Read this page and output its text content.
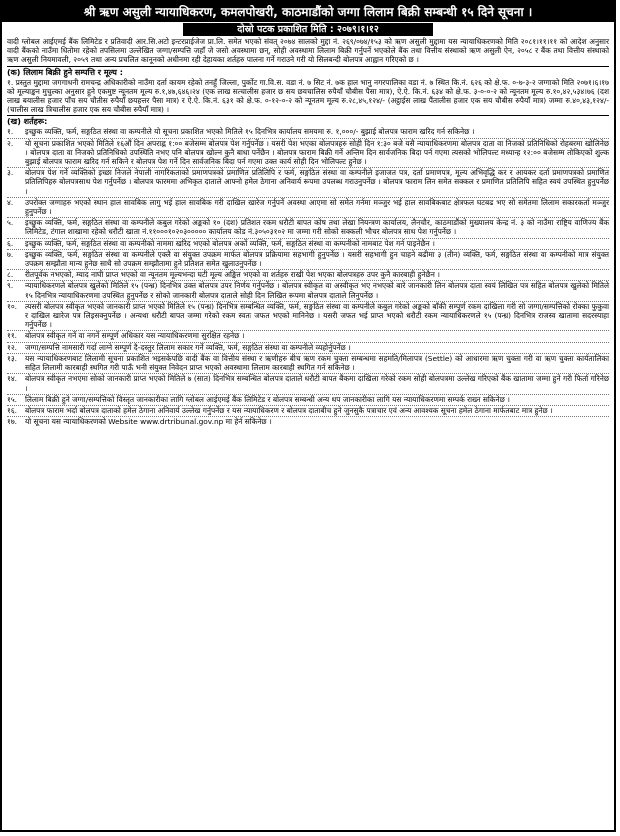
श्री ऋण असुली न्यायाधिकरण, कमलपोखरी, काठमाडौंको जग्गा लिलाम बिक्री सम्बन्धी १५ दिने सूचना ।
दोस्रो पटक प्रकाशित मिति : २०७९।१।१२

वादी ग्लोबल आईएमई बैंक लिमिटेड र प्रतिवादी आर.सि.अटो इन्टरप्राईजेज प्रा.लि. समेत भएको संवत् २०७४ सालको मुद्दा नं. २६९/०७४/१५३ को ऋण असुली मुद्दामा यस न्यायाधिकरणको मिति २०८१।११।११ को आदेश अनुसार वादी बैंकको नाउँमा धितोमा रहेको तपसिलमा उल्लेखित जग्गा/सम्पत्ति जहाँ जे जसो अवस्थामा छन्, सोही अवस्थामा लिलाम बिक्री गर्नुपर्ने भएकोले बैंक तथा वित्तीय संस्थाको ऋण असुली ऐन, २०५८ र बैंक तथा वित्तीय संस्थाको ऋण असुली नियमावली, २०५९ तथा अन्य प्रचलित कानूनको अधीनमा रही देहायका शर्तहरु पालना गर्ने गराउने गरी यो सिलबन्दी बोलपत्र आह्वान गरिएको छ ।

(क) लिलाम बिक्री हुने सम्पत्ति र मूल्य :

१. प्रस्तुत मुद्दामा जगगाधनी रामचन्द्र अधिकारीको नाउँमा दर्ता कायम रहेको तनहुँ जिल्ला, पुर्कोट गा.वि.स. वडा नं. ७ सिट नं. ७क हाल भानु नगरपालिका वडा नं. ७ स्थित कि.नं. ६२६ को क्षे.फ. ०-७-३-२ जग्गाको मिति २०७१।६।१७ को मूल्याङ्कन मुचुल्का अनुसार हुने एकमुष्ट न्यूनतम मूल्य रु.१,४७,६४६।२४ (एक लाख सत्चालीस हजार छ सय छयचालिस रुपैयाँ चौबीस पैसा मात्र), ऐ.ऐ. कि.नं. ६३४ को क्षे.फ. ३-०-०-२ को न्यूनतम मूल्य रु.१०,४२,५३४।७६ (दश लाख बयालीस हजार पाँच सय चौतीस रुपैयाँ छयहत्तर पैसा मात्र) र ऐ.ऐ. कि.नं. ६३१ को क्षे.फ. ०-१२-०-२ को न्यूनतम मूल्य रु.२८,४५,१२४/- (अट्ठाईस लाख पैंतालीस हजार एक सय चौबीस रुपैयाँ मात्र) जम्मा रु.४०,४३,१२४/- (चालीस लाख त्रिचालीस हजार एक सय चौबीस रुपैयाँ मात्र) ।

(ख) शर्तहरू:
१.	इच्छुक व्यक्ति, फर्म, सङ्गठित संस्था वा कम्पनीले यो सूचना प्रकाशित भएको मितिले १५ दिनभित्र कार्यालय समयमा रु. १,०००/- बुझाई बोलपत्र फाराम खरिद गर्न सकिनेछ ।
२.	यो सूचना प्रकाशित भएको मितिले १६औं दिन अपराह्न १:०० बजेसम्म बोलपत्र पेश गर्नुपर्नेछ । यसरी पेश भएका बोलपत्रहरु सोही दिन १:३० बजे यसै न्यायाधिकरणमा बोलपत्र दाता वा निजको प्रतिनिधिको रोहबरमा खोलिनेछ । बोलपत्र दाता वा निजको प्रतिनिधिको उपस्थिति नभए पनि बोलपत्र खोल्न कुनै बाधा पर्नेछैन । बोलपत्र फाराम बिक्री गर्ने अन्तिम दिन सार्वजनिक बिदा पर्न गएमा त्यसको भोलिपल्ट मध्यान्ह १२:०० बजेसम्म तोकिएको शुल्क बुझाई बोलपत्र फाराम खरिद गर्न सकिने र बोलपत्र पेश गर्ने दिन सार्वजनिक बिदा पर्न गएमा उक्त कार्य सोही दिन भोलिपल्ट हुनेछ ।
३.	बोलपत्र पेश गर्ने व्यक्तिको इच्छा निजले नेपाली नागरिकताको प्रमाणपत्रको प्रमाणित प्रतिलिपि र फर्म, सङ्गठित संस्था वा कम्पनीले इजाजत पत्र, दर्ता प्रमाणपत्र, मूल्य अभिवृद्धि कर र आयकर दर्ता प्रमाणपत्रको प्रमाणित प्रतिलिपिहरु बोलपत्रसाथ पेश गर्नुपर्नेछ । बोलपत्र फारममा अभिकृत दाताले आफ्नो हमेल ठेगाना अनिवार्य रूपमा उपलब्ध गराउनुपर्नेछ । बोलपत्र फाराम लिन समेत सक्कल र प्रमाणित प्रतिलिपि सहित स्वयं उपस्थित हुनुपर्नेछ ।
४.	उपरोक्त जग्गाहरु भएको स्थान हाल सावबिक लागु भई हाल सावबिक गरी दाखिल खारेज गर्नुपर्ने अवस्था आएमा सो समेत गर्नमा मञ्जुर भई हाल सावबिकबाट क्षेत्रफल घटबढ भए सो समेतमा लिलाम सकारकर्ता मञ्जुर हुनुपर्नेछ ।
५.	इच्छुक व्यक्ति, फर्म, सङ्गठित संस्था वा कम्पनीले कबुल गरेको अङ्कको १० (दश) प्रतिशत रकम धरौटी बापत कोष तथा लेखा नियन्त्रण कार्यालय, लैनचौर, काठमाडौंको मुख्यालय केन्द्र नं. ३ को नाउँमा राष्ट्रिय वाणिज्य बैंक लिमिटेड, टंगाल शाखामा रहेको धरौटी खाता नं.११०००१०२०३००००० कार्यालय कोड नं.३०५०३१०२ मा जम्मा गरी सोको सक्कली भौचर बोलपत्र साथ पेश गर्नुपर्नेछ ।
६.	इच्छुक व्यक्ति, फर्म, सङ्गठित संस्था वा कम्पनीको नाममा खरिद भएको बोलपत्र अर्को व्यक्ति, फर्म, सङ्गठित संस्था वा कम्पनीको नामबाट पेश गर्न पाइनेछैन ।
७.	इच्छुक व्यक्ति, फर्म, सङ्गठित संस्था वा कम्पनीले एक्लै वा संयुक्त उपक्रम मार्फत बोलपत्र प्रक्रियामा सहभागी हुनुपर्नेछ । यसरी सहभागी हुन चाहने बढीमा ३ (तीन) व्यक्ति, फर्म, सङ्गठित संस्था वा कम्पनीको मात्र संयुक्त उपक्रम सम्झौता मान्य हुनेछ साथै सो उपक्रम सम्झौतामा हुने प्रतिशत समेत खुलाउनुपर्नेछ ।
८.	रीतपूर्वक नभएको, म्याद नाघी प्राप्त भएको वा न्यूनतम मूल्यभन्दा घटी मूल्य अङ्कित भएको वा शर्तहरु राखी पेश भएका बोलपत्रहरु उपर कुनै कारबाही हुनेछैन ।
९.	न्यायाधिकरणले बोलपत्र खुलेको मितिले १५ (पन्ध्र) दिनभित्र उक्त बोलपत्र उपर निर्णय गर्नुपर्नेछ । बोलपत्र स्वीकृत वा अस्वीकृत भए नभएको बारे जानकारी लिन बोलपत्र दाता स्वयं लिखित पत्र सहित बोलपत्र खुलेको मितिले १५ दिनभित्र न्यायाधिकरणमा उपस्थित हुनुपर्नेछ र सोको जानकारी बोलपत्र दाताले सोही दिन लिखित रूपमा बोलपत्र दाताले लिनुपर्नेछ ।
१०.	त्यसरी बोलपत्र स्वीकृत भएको जानकारी प्राप्त भएको मितिले १५ (पन्ध्र) दिनभित्र सम्बन्धित व्यक्ति, फर्म, सङ्गठित संस्था वा कम्पनीले कबुल गरेको अङ्कको बाँकी सम्पूर्ण रकम दाखिला गरी सो जग्गा/सम्पत्तिको रोक्का फुकुवा र दाखिल खारेज पत्र लिइसक्नुपर्नेछ । अन्यथा धरौटी बापत जम्मा गरेको रकम स्वतः जफत भएको मानिनेछ । यसरी जफत भई प्राप्त भएको धरौटी रकम न्यायाधिकरणले १५ (पन्ध्र) दिनभित्र राजस्व खातामा सदरस्याहा गर्नुपर्नेछ ।
११.	बोलपत्र स्वीकृत गर्ने वा नगर्ने सम्पूर्ण अधिकार यस न्यायाधिकरणमा सुरक्षित रहनेछ ।
१२.	जग्गा/सम्पत्ति नामसारी गर्दा लाग्ने सम्पूर्ण दै-दस्तुर लिलाम सकार गर्ने व्यक्ति, फर्म, सङ्गठित संस्था वा कम्पनीले व्यहोर्नुपर्नेछ ।
१३.	यस न्यायाधिकरणबाट लिलामी सूचना प्रकाशित भइसकेपछि वादी बैंक वा वित्तीय संस्था र ऋणीहरु बीच ऋण रकम चुक्ता सम्बन्धमा सहमति/मिलापत्र (Settle) को आधारमा ऋण चुक्ता गरी वा ऋण चुक्ता कार्यतालिका सहित लिलामी कारबाही स्थगित गरी पाऊँ भनी संयुक्त निवेदन प्राप्त भएको अवस्थामा लिलाम कारबाही स्थगित गर्न सकिनेछ ।
१४.	बोलपत्र स्वीकृत नभएमा सोको जानकारी प्राप्त भएको मितिले ७ (सात) दिनभित्र सम्बन्धित बोलपत्र दाताले धरौटी बापत बैंकमा दाखिला गरेको रकम सोही बोलपत्रमा उल्लेख गरिएको बैंक खातामा जम्मा हुने गरी फिर्ता गरिनेछ ।
१५.	लिलाम बिक्री हुने जग्गा/सम्पत्तिको विस्तृत जानकारीका लागि ग्लोबल आईएमई बैंक लिमिटेड र बोलपत्र सम्बन्धी अन्य थप जानकारीका लागि यस न्यायाधिकरणमा सम्पर्क राख्न सकिनेछ ।
१६.	बोलपत्र फाराम भर्दा बोलपत्र दाताको हमेल ठेगाना अनिवार्य उल्लेख गर्नुपर्नेछ र यस न्यायाधिकरण र बोलपत्र दाताबीच हुने जुनसुकै पत्राचार एवं अन्य आवश्यक सूचना हमेल ठेगाना मार्फतबाट मात्र हुनेछ ।
१७.	यो सूचना यस न्यायाधिकरणको Website www.drtribunal.gov.np मा हेर्न सकिनेछ ।
